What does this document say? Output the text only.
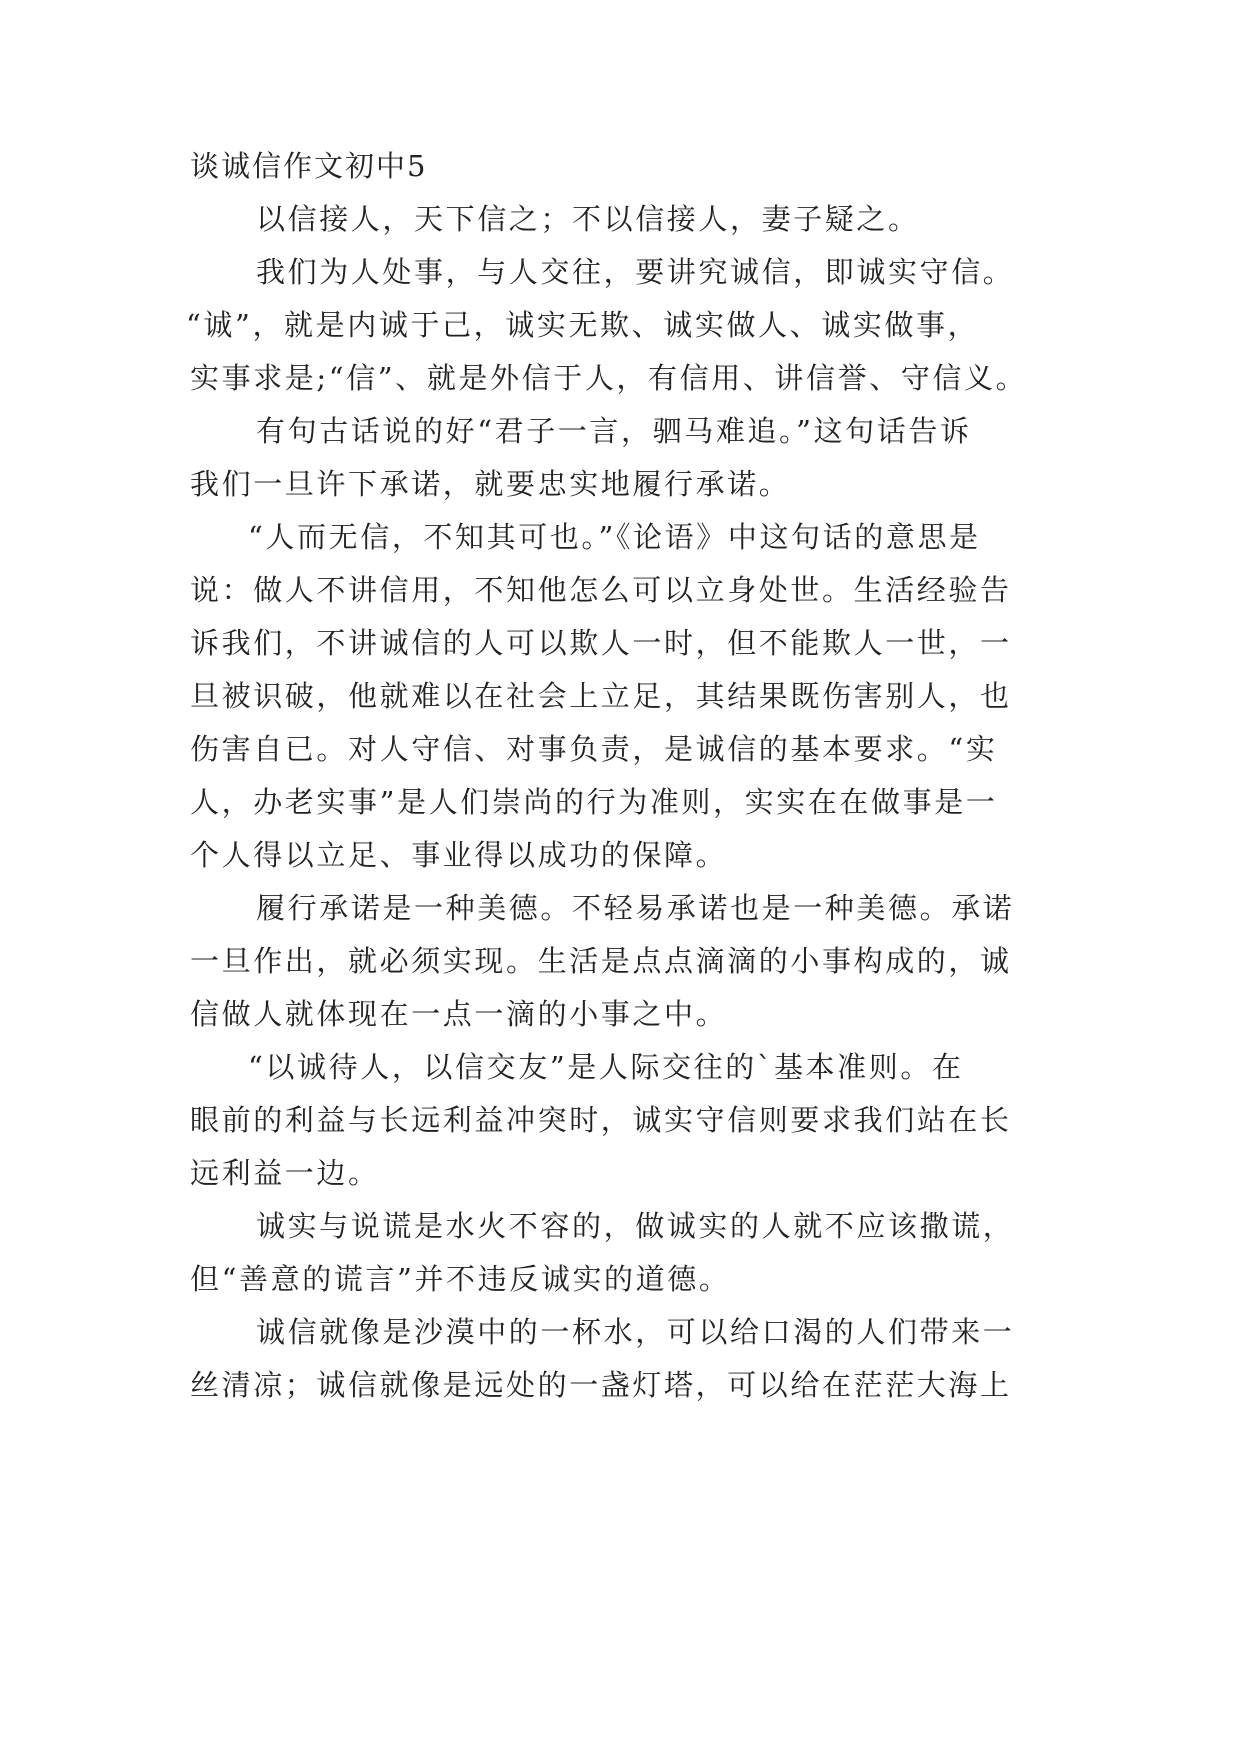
谈诚信作文初中5
以信接人，天下信之；不以信接人，妻子疑之。
我们为人处事，与人交往，要讲究诚信，即诚实守信。
“诚”，就是内诚于己，诚实无欺、诚实做人、诚实做事，
实事求是;“信”、就是外信于人，有信用、讲信誉、守信义。
有句古话说的好“君子一言，驷马难追。”这句话告诉
我们一旦许下承诺，就要忠实地履行承诺。
“人而无信，不知其可也。”《论语》中这句话的意思是
说：做人不讲信用，不知他怎么可以立身处世。生活经验告
诉我们，不讲诚信的人可以欺人一时，但不能欺人一世，一
旦被识破，他就难以在社会上立足，其结果既伤害别人，也
伤害自已。对人守信、对事负责，是诚信的基本要求。“实
人，办老实事”是人们崇尚的行为准则，实实在在做事是一
个人得以立足、事业得以成功的保障。
履行承诺是一种美德。不轻易承诺也是一种美德。承诺
一旦作出，就必须实现。生活是点点滴滴的小事构成的，诚
信做人就体现在一点一滴的小事之中。
“以诚待人，以信交友”是人际交往的`基本准则。在
眼前的利益与长远利益冲突时，诚实守信则要求我们站在长
远利益一边。
诚实与说谎是水火不容的，做诚实的人就不应该撒谎，
但“善意的谎言”并不违反诚实的道德。
诚信就像是沙漠中的一杯水，可以给口渴的人们带来一
丝清凉；诚信就像是远处的一盏灯塔，可以给在茫茫大海上
